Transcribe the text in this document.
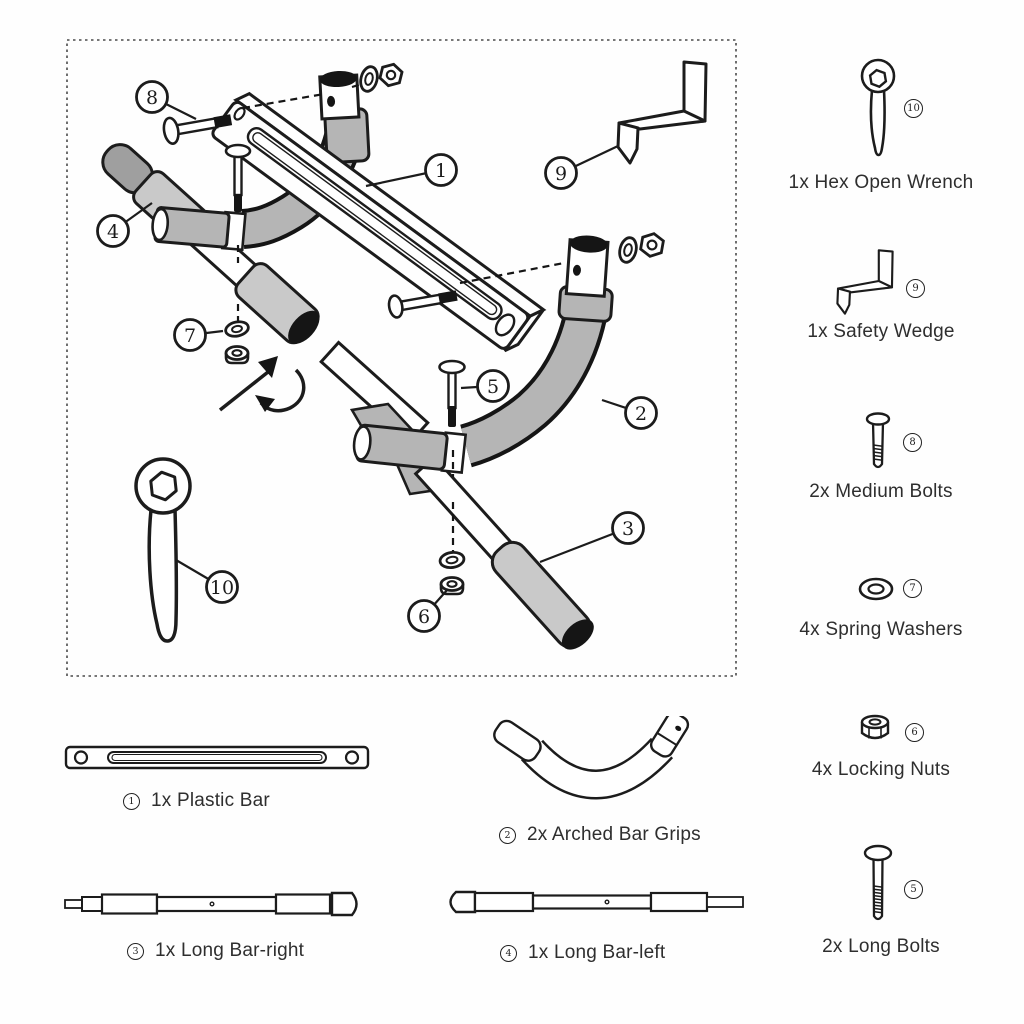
8
4
7
1	9
5
2
3
6
10
10
1x Hex Open Wrench
9
1x Safety Wedge
8
2x Medium Bolts
7
4x Spring Washers
6
4x Locking Nuts
5
2x Long Bolts
1 1x Plastic Bar
2 2x Arched Bar Grips
3 1x Long Bar-right	4 1x Long Bar-left
